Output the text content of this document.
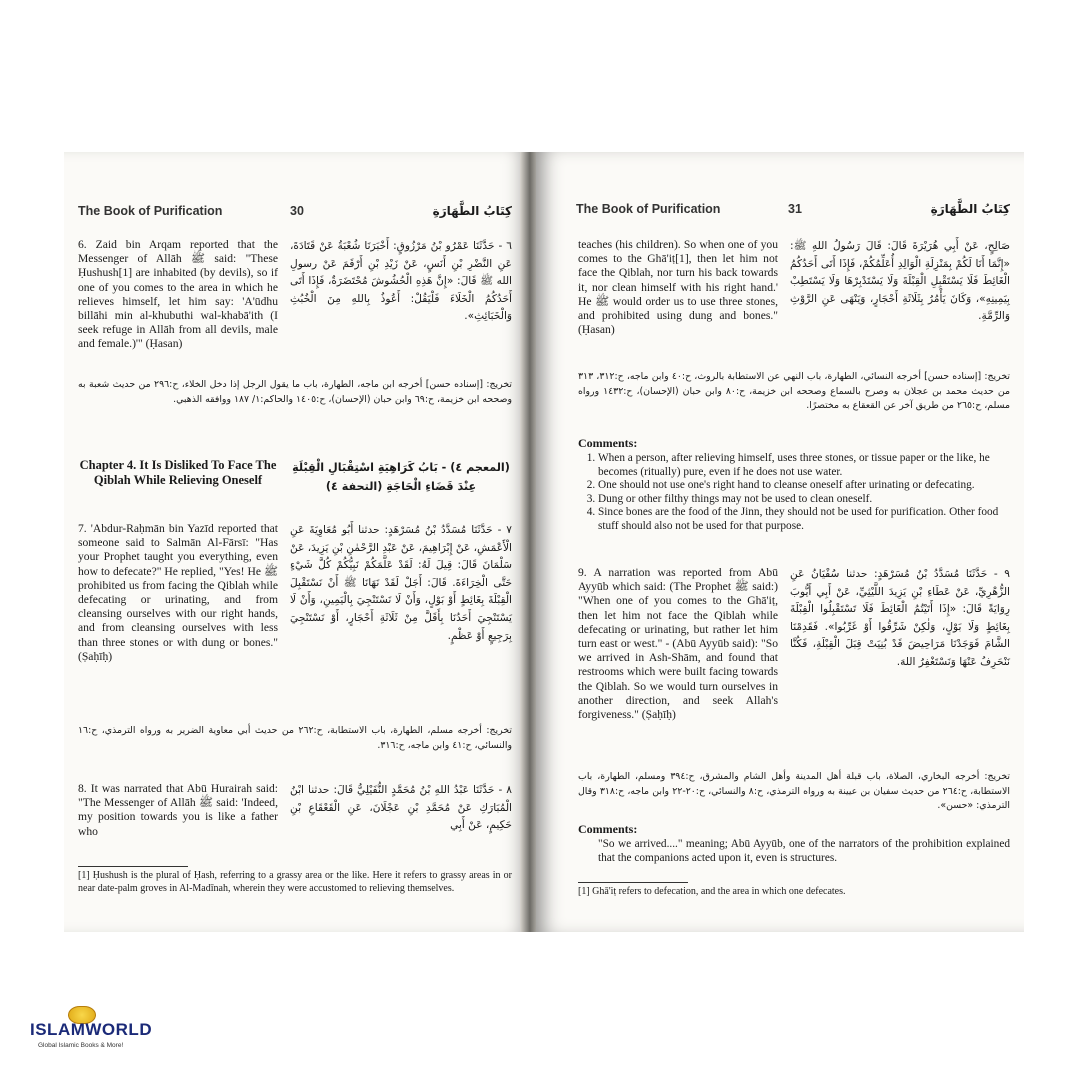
The Book of Purification	30	كِتَابُ الطَّهَارَةِ
6. Zaid bin Arqam reported that the Messenger of Allāh ﷺ said: "These Ḥushush[1] are inhabited (by devils), so if one of you comes to the area in which he relieves himself, let him say: 'A'ūdhu billāhi min al-khubuthi wal-khabā'ith (I seek refuge in Allāh from all devils, male and female.)'" (Ḥasan)
٦ - حَدَّثَنَا عَمْرُو بْنُ مَرْزُوقٍ: أَخْبَرَنَا شُعْبَةُ عَنْ قَتَادَةَ، عَنِ النَّضْرِ بْنِ أَنَسٍ، عَنْ زَيْدِ بْنِ أَرْقَمَ عَنْ رسولِ الله ﷺ قَالَ: «إِنَّ هَذِهِ الْحُشُوشَ مُحْتَضَرَةٌ، فَإِذَا أَتَى أَحَدُكُمُ الْخَلَاءَ فَلْيَقُلْ: أَعُوذُ بِاللهِ مِنَ الْخُبُثِ وَالْخَبَائِثِ».
تخريج: [إسناده حسن] أخرجه ابن ماجه، الطهارة، باب ما يقول الرجل إذا دخل الخلاء، ح:٢٩٦ من حديث شعبة به وصححه ابن خزيمة، ح:٦٩ وابن حبان (الإحسان)، ح:١٤٠٥ والحاكم:١/ ١٨٧ ووافقه الذهبي.
Chapter 4. It Is Disliked To Face The Qiblah While Relieving Oneself
(المعجم ٤) - بَابُ كَرَاهِيَةِ اسْتِقْبَالِ الْقِبْلَةِ عِنْدَ قَضَاءِ الْحَاجَةِ (التحفة ٤)
7. 'Abdur-Raḥmān bin Yazīd reported that someone said to Salmān Al-Fārsī: "Has your Prophet taught you everything, even how to defecate?" He replied, "Yes! He ﷺ prohibited us from facing the Qiblah while defecating or urinating, and from cleansing ourselves with our right hands, and from cleansing ourselves with less than three stones or with dung or bones." (Ṣaḥīḥ)
٧ - حَدَّثَنَا مُسَدَّدُ بْنُ مُسَرْهَدٍ: حدثنا أَبُو مُعَاوِيَةَ عَنِ الْأَعْمَشِ، عَنْ إِبْرَاهِيمَ، عَنْ عَبْدِ الرَّحْمٰنِ بْنِ يَزِيدَ، عَنْ سَلْمَانَ قَالَ: قِيلَ لَهُ: لَقَدْ عَلَّمَكُمْ نَبِيُّكُمْ كُلَّ شَيْءٍ حَتَّى الْخِرَاءَةَ. قَالَ: أَجَلْ لَقَدْ نَهَانَا ﷺ أَنْ نَسْتَقْبِلَ الْقِبْلَةَ بِغَائِطٍ أَوْ بَوْلٍ، وَأَنْ لَا نَسْتَنْجِيَ بِالْيَمِينِ، وَأَنْ لَا يَسْتَنْجِيَ أَحَدُنَا بِأَقَلَّ مِنْ ثَلَاثَةِ أَحْجَارٍ، أَوْ نَسْتَنْجِيَ بِرَجِيعٍ أَوْ عَظْمٍ.
تخريج: أخرجه مسلم، الطهارة، باب الاستطابة، ح:٢٦٢ من حديث أبي معاوية الضرير به ورواه الترمذي، ح:١٦ والنسائي، ح:٤١ وابن ماجه، ح:٣١٦.
8. It was narrated that Abū Hurairah said: "The Messenger of Allāh ﷺ said: 'Indeed, my position towards you is like a father who
٨ - حَدَّثَنَا عَبْدُ اللهِ بْنُ مُحَمَّدٍ النُّفَيْلِيُّ قَالَ: حدثنا ابْنُ الْمُبَارَكِ عَنْ مُحَمَّدِ بْنِ عَجْلَانَ، عَنِ الْقَعْقَاعِ بْنِ حَكِيمٍ، عَنْ أَبِي
[1] Ḥushush is the plural of Ḥash, referring to a grassy area or the like. Here it refers to grassy areas in or near date-palm groves in Al-Madīnah, wherein they were accustomed to relieving themselves.
The Book of Purification	31	كِتَابُ الطَّهَارَةِ
teaches (his children). So when one of you comes to the Ghā'iṭ[1], then let him not face the Qiblah, nor turn his back towards it, nor clean himself with his right hand.' He ﷺ would order us to use three stones, and prohibited using dung and bones." (Ḥasan)
صَالِحٍ، عَنْ أَبِي هُرَيْرَةَ قَالَ: قَالَ رَسُولُ اللهِ ﷺ: «إِنَّمَا أَنَا لَكُمْ بِمَنْزِلَةِ الْوَالِدِ أُعَلِّمُكُمْ، فَإِذَا أَتَى أَحَدُكُمُ الْغَائِطَ فَلَا يَسْتَقْبِلِ الْقِبْلَةَ وَلَا يَسْتَدْبِرْهَا وَلَا يَسْتَطِبْ بِيَمِينِهِ»، وَكَانَ يَأْمُرُ بِثَلَاثَةِ أَحْجَارٍ، وَيَنْهَى عَنِ الرَّوْثِ وَالرِّمَّةِ.
تخريج: [إسناده حسن] أخرجه النسائي، الطهارة، باب النهي عن الاستطابة بالروث، ح:٤٠ وابن ماجه، ح:٣١٢، ٣١٣ من حديث محمد بن عجلان به وصرح بالسماع وصححه ابن خزيمة، ح:٨٠ وابن حبان (الإحسان)، ح:١٤٣٢ ورواه مسلم، ح:٢٦٥ من طريق آخر عن القعقاع به مختصرًا.
Comments:
1. When a person, after relieving himself, uses three stones, or tissue paper or the like, he becomes (ritually) pure, even if he does not use water.
2. One should not use one's right hand to cleanse oneself after urinating or defecating.
3. Dung or other filthy things may not be used to clean oneself.
4. Since bones are the food of the Jinn, they should not be used for purification. Other food stuff should also not be used for that purpose.
9. A narration was reported from Abū Ayyūb which said: (The Prophet ﷺ said:) "When one of you comes to the Ghā'iṭ, then let him not face the Qiblah while defecating or urinating, but rather let him turn east or west." - (Abū Ayyūb said): "So we arrived in Ash-Shām, and found that restrooms which were built facing towards the Qiblah. So we would turn ourselves in another direction, and seek Allah's forgiveness." (Ṣaḥīḥ)
٩ - حَدَّثَنَا مُسَدَّدُ بْنُ مُسَرْهَدٍ: حدثنا سُفْيَانُ عَنِ الزُّهْرِيِّ، عَنْ عَطَاءِ بْنِ يَزِيدَ اللَّيْثِيِّ، عَنْ أَبِي أَيُّوبَ رِوَايَةً قَالَ: «إِذَا أَتَيْتُمُ الْغَائِطَ فَلَا تَسْتَقْبِلُوا الْقِبْلَةَ بِغَائِطٍ وَلَا بَوْلٍ، وَلٰكِنْ شَرِّقُوا أَوْ غَرِّبُوا». فَقَدِمْنَا الشَّامَ فَوَجَدْنَا مَرَاحِيضَ قَدْ بُنِيَتْ قِبَلَ الْقِبْلَةِ، فَكُنَّا نَنْحَرِفُ عَنْهَا وَنَسْتَغْفِرُ اللهَ.
تخريج: أخرجه البخاري، الصلاة، باب قبلة أهل المدينة وأهل الشام والمشرق، ح:٣٩٤ ومسلم، الطهارة، باب الاستطابة، ح:٢٦٤ من حديث سفيان بن عيينة به ورواه الترمذي، ح:٨ والنسائي، ح:٢٠-٢٢ وابن ماجه، ح:٣١٨ وقال الترمذي: «حسن».
Comments:
"So we arrived...." meaning; Abū Ayyūb, one of the narrators of the prohibition explained that the companions acted upon it, even is structures.
[1] Ghā'iṭ refers to defecation, and the area in which one defecates.
ISLAMWORLD
Global Islamic Books & More!
